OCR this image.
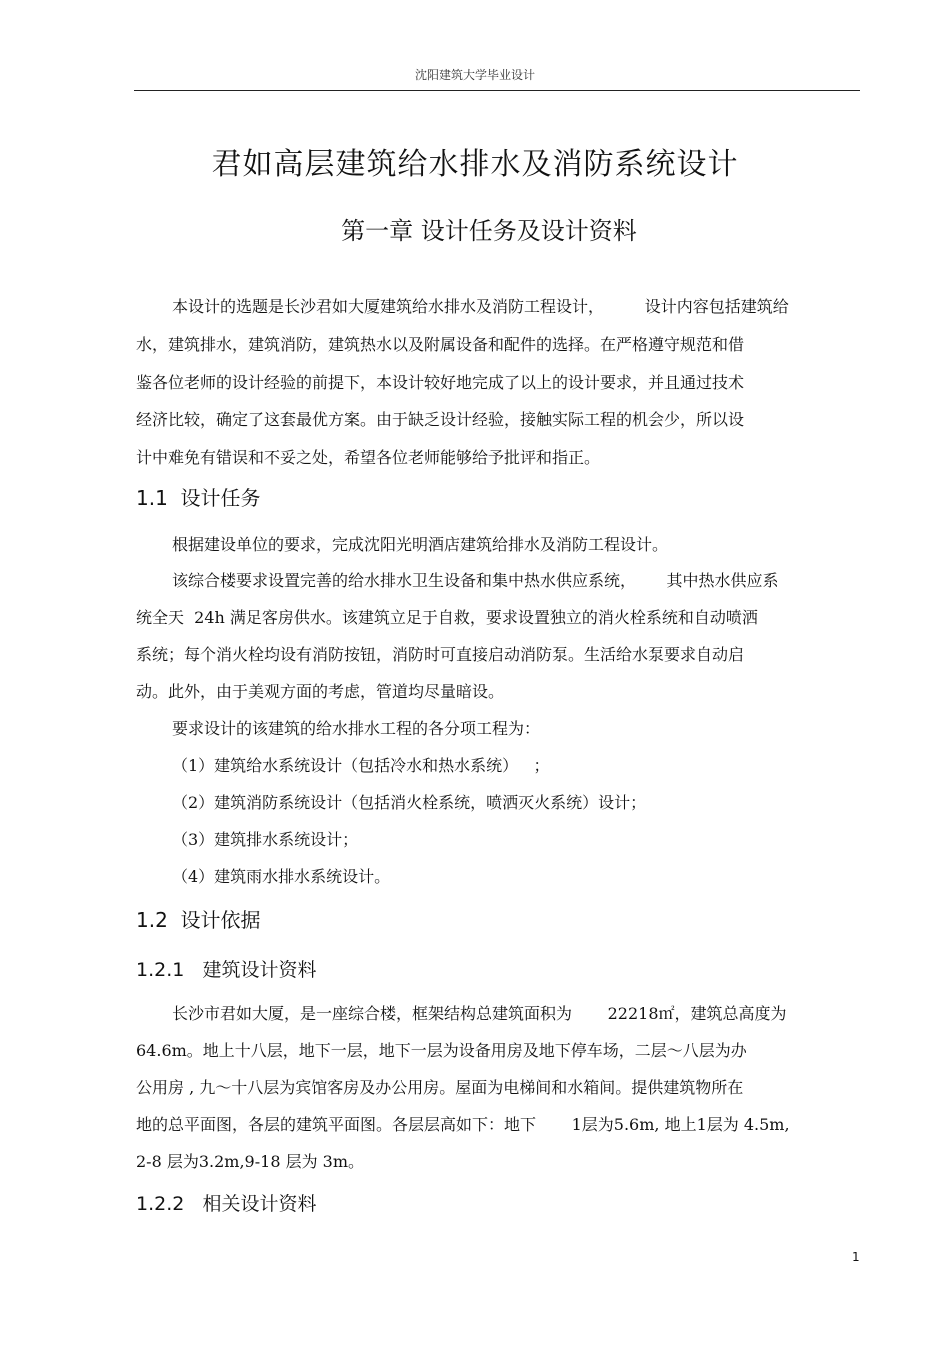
沈阳建筑大学毕业设计
君如高层建筑给水排水及消防系统设计
第一章 设计任务及设计资料
本设计的选题是长沙君如大厦建筑给水排水及消防工程设计，        设计内容包括建筑给
水，建筑排水，建筑消防，建筑热水以及附属设备和配件的选择。在严格遵守规范和借
鉴各位老师的设计经验的前提下，本设计较好地完成了以上的设计要求，并且通过技术
经济比较，确定了这套最优方案。由于缺乏设计经验，接触实际工程的机会少，所以设
计中难免有错误和不妥之处，希望各位老师能够给予批评和指正。
1.1  设计任务
根据建设单位的要求，完成沈阳光明酒店建筑给排水及消防工程设计。
该综合楼要求设置完善的给水排水卫生设备和集中热水供应系统，      其中热水供应系
统全天  24h 满足客房供水。该建筑立足于自救，要求设置独立的消火栓系统和自动喷洒
系统；每个消火栓均设有消防按钮，消防时可直接启动消防泵。生活给水泵要求自动启
动。此外，由于美观方面的考虑，管道均尽量暗设。
要求设计的该建筑的给水排水工程的各分项工程为：
（1）建筑给水系统设计（包括冷水和热水系统）   ；
（2）建筑消防系统设计（包括消火栓系统，喷洒灭火系统）设计；
（3）建筑排水系统设计；
（4）建筑雨水排水系统设计。
1.2  设计依据
1.2.1   建筑设计资料
长沙市君如大厦，是一座综合楼，框架结构总建筑面积为       22218㎡，建筑总高度为
64.6m。地上十八层，地下一层，地下一层为设备用房及地下停车场，二层～八层为办
公用房 , 九～十八层为宾馆客房及办公用房。屋面为电梯间和水箱间。提供建筑物所在
地的总平面图，各层的建筑平面图。各层层高如下：地下       1层为5.6m, 地上1层为 4.5m,
2-8 层为3.2m,9-18 层为 3m。
1.2.2   相关设计资料
1
